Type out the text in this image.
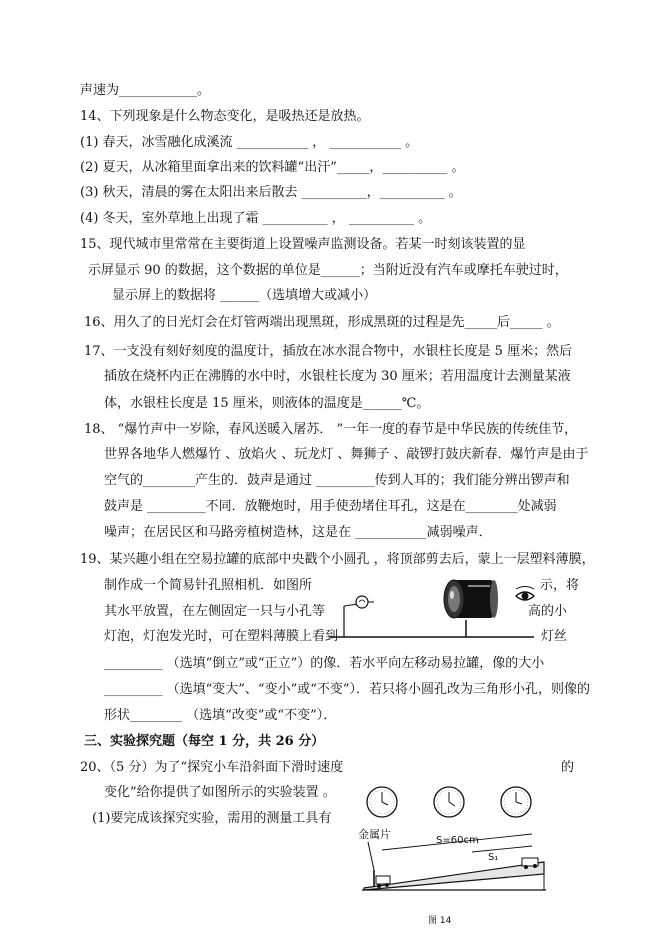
声速为____________。
14、下列现象是什么物态变化，是吸热还是放热。
(1) 春天，冰雪融化成溪流 ___________ ， ___________ 。
(2) 夏天，从冰箱里面拿出来的饮料罐“出汗”_____，__________ 。
(3) 秋天，清晨的雾在太阳出来后散去 __________，__________ 。
(4) 冬天，室外草地上出现了霜 __________ ， __________ 。
15、现代城市里常常在主要街道上设置噪声监测设备。若某一时刻该装置的显
示屏显示 90 的数据，这个数据的单位是______；当附近没有汽车或摩托车驶过时，
显示屏上的数据将 ______（选填增大或减小）
16、用久了的日光灯会在灯管两端出现黑斑，形成黑斑的过程是先_____后_____ 。
17、一支没有刻好刻度的温度计，插放在冰水混合物中，水银柱长度是 5 厘米；然后
插放在烧杯内正在沸腾的水中时，水银柱长度为 30 厘米；若用温度计去测量某液
体，水银柱长度是 15 厘米，则液体的温度是______℃。
18、 “爆竹声中一岁除，春风送暖入屠苏． ”一年一度的春节是中华民族的传统佳节，
世界各地华人燃爆竹 、放焰火 、玩龙灯 、舞狮子 、敲锣打鼓庆新春．爆竹声是由于
空气的________产生的．鼓声是通过 _________传到人耳的；我们能分辨出锣声和
鼓声是 _________不同．放鞭炮时，用手使劲堵住耳孔，这是在________处减弱
噪声；在居民区和马路旁植树造林，这是在 ___________减弱噪声．
19、某兴趣小组在空易拉罐的底部中央戳个小圆孔 ，将顶部剪去后，蒙上一层塑料薄膜，
制作成一个简易针孔照相机．如图所	示，将
其水平放置，在左侧固定一只与小孔等	高的小
灯泡，灯泡发光时，可在塑料薄膜上看到	灯丝
_________ （选填“倒立”或“正立”）的像．若水平向左移动易拉罐，像的大小
_________ （选填“变大”、“变小”或“不变”）．若只将小圆孔改为三角形小孔，则像的
形状________ （选填“改变”或“不变”）．
三、实验探究题（每空 1 分，共 26 分）
20、（5 分）为了“探究小车沿斜面下滑时速度	的
变化”给你提供了如图所示的实验装置 。
(1)要完成该探究实验，需用的测量工具有
金属片	S=60cm
S₁
图 14
